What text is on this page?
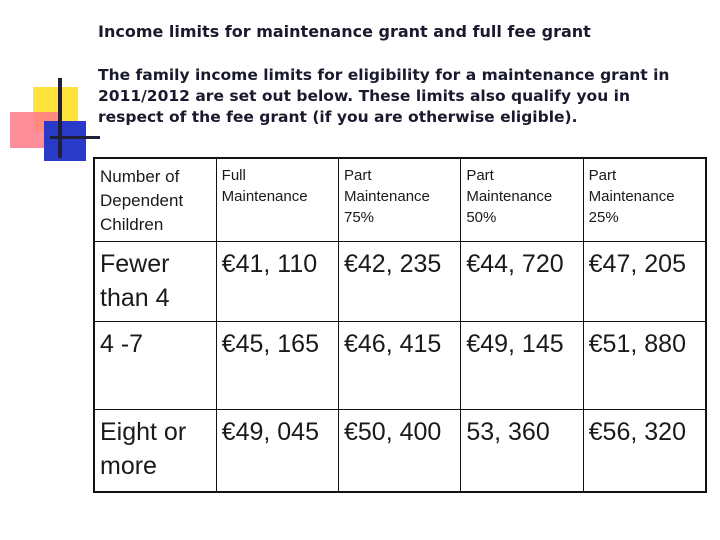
Income limits for maintenance grant and full fee grant
The family income limits for eligibility for a maintenance grant in 2011/2012 are set out below. These limits also qualify you in respect of the fee grant (if you are otherwise eligible).
Number of Dependent Children	Full Maintenance	Part Maintenance 75%	Part Maintenance 50%	Part Maintenance 25%
Fewer than 4	€41, 110	€42, 235	€44, 720	€47, 205
4 -7	€45, 165	€46, 415	€49, 145	€51, 880
Eight or more	€49, 045	€50, 400	53, 360	€56, 320
